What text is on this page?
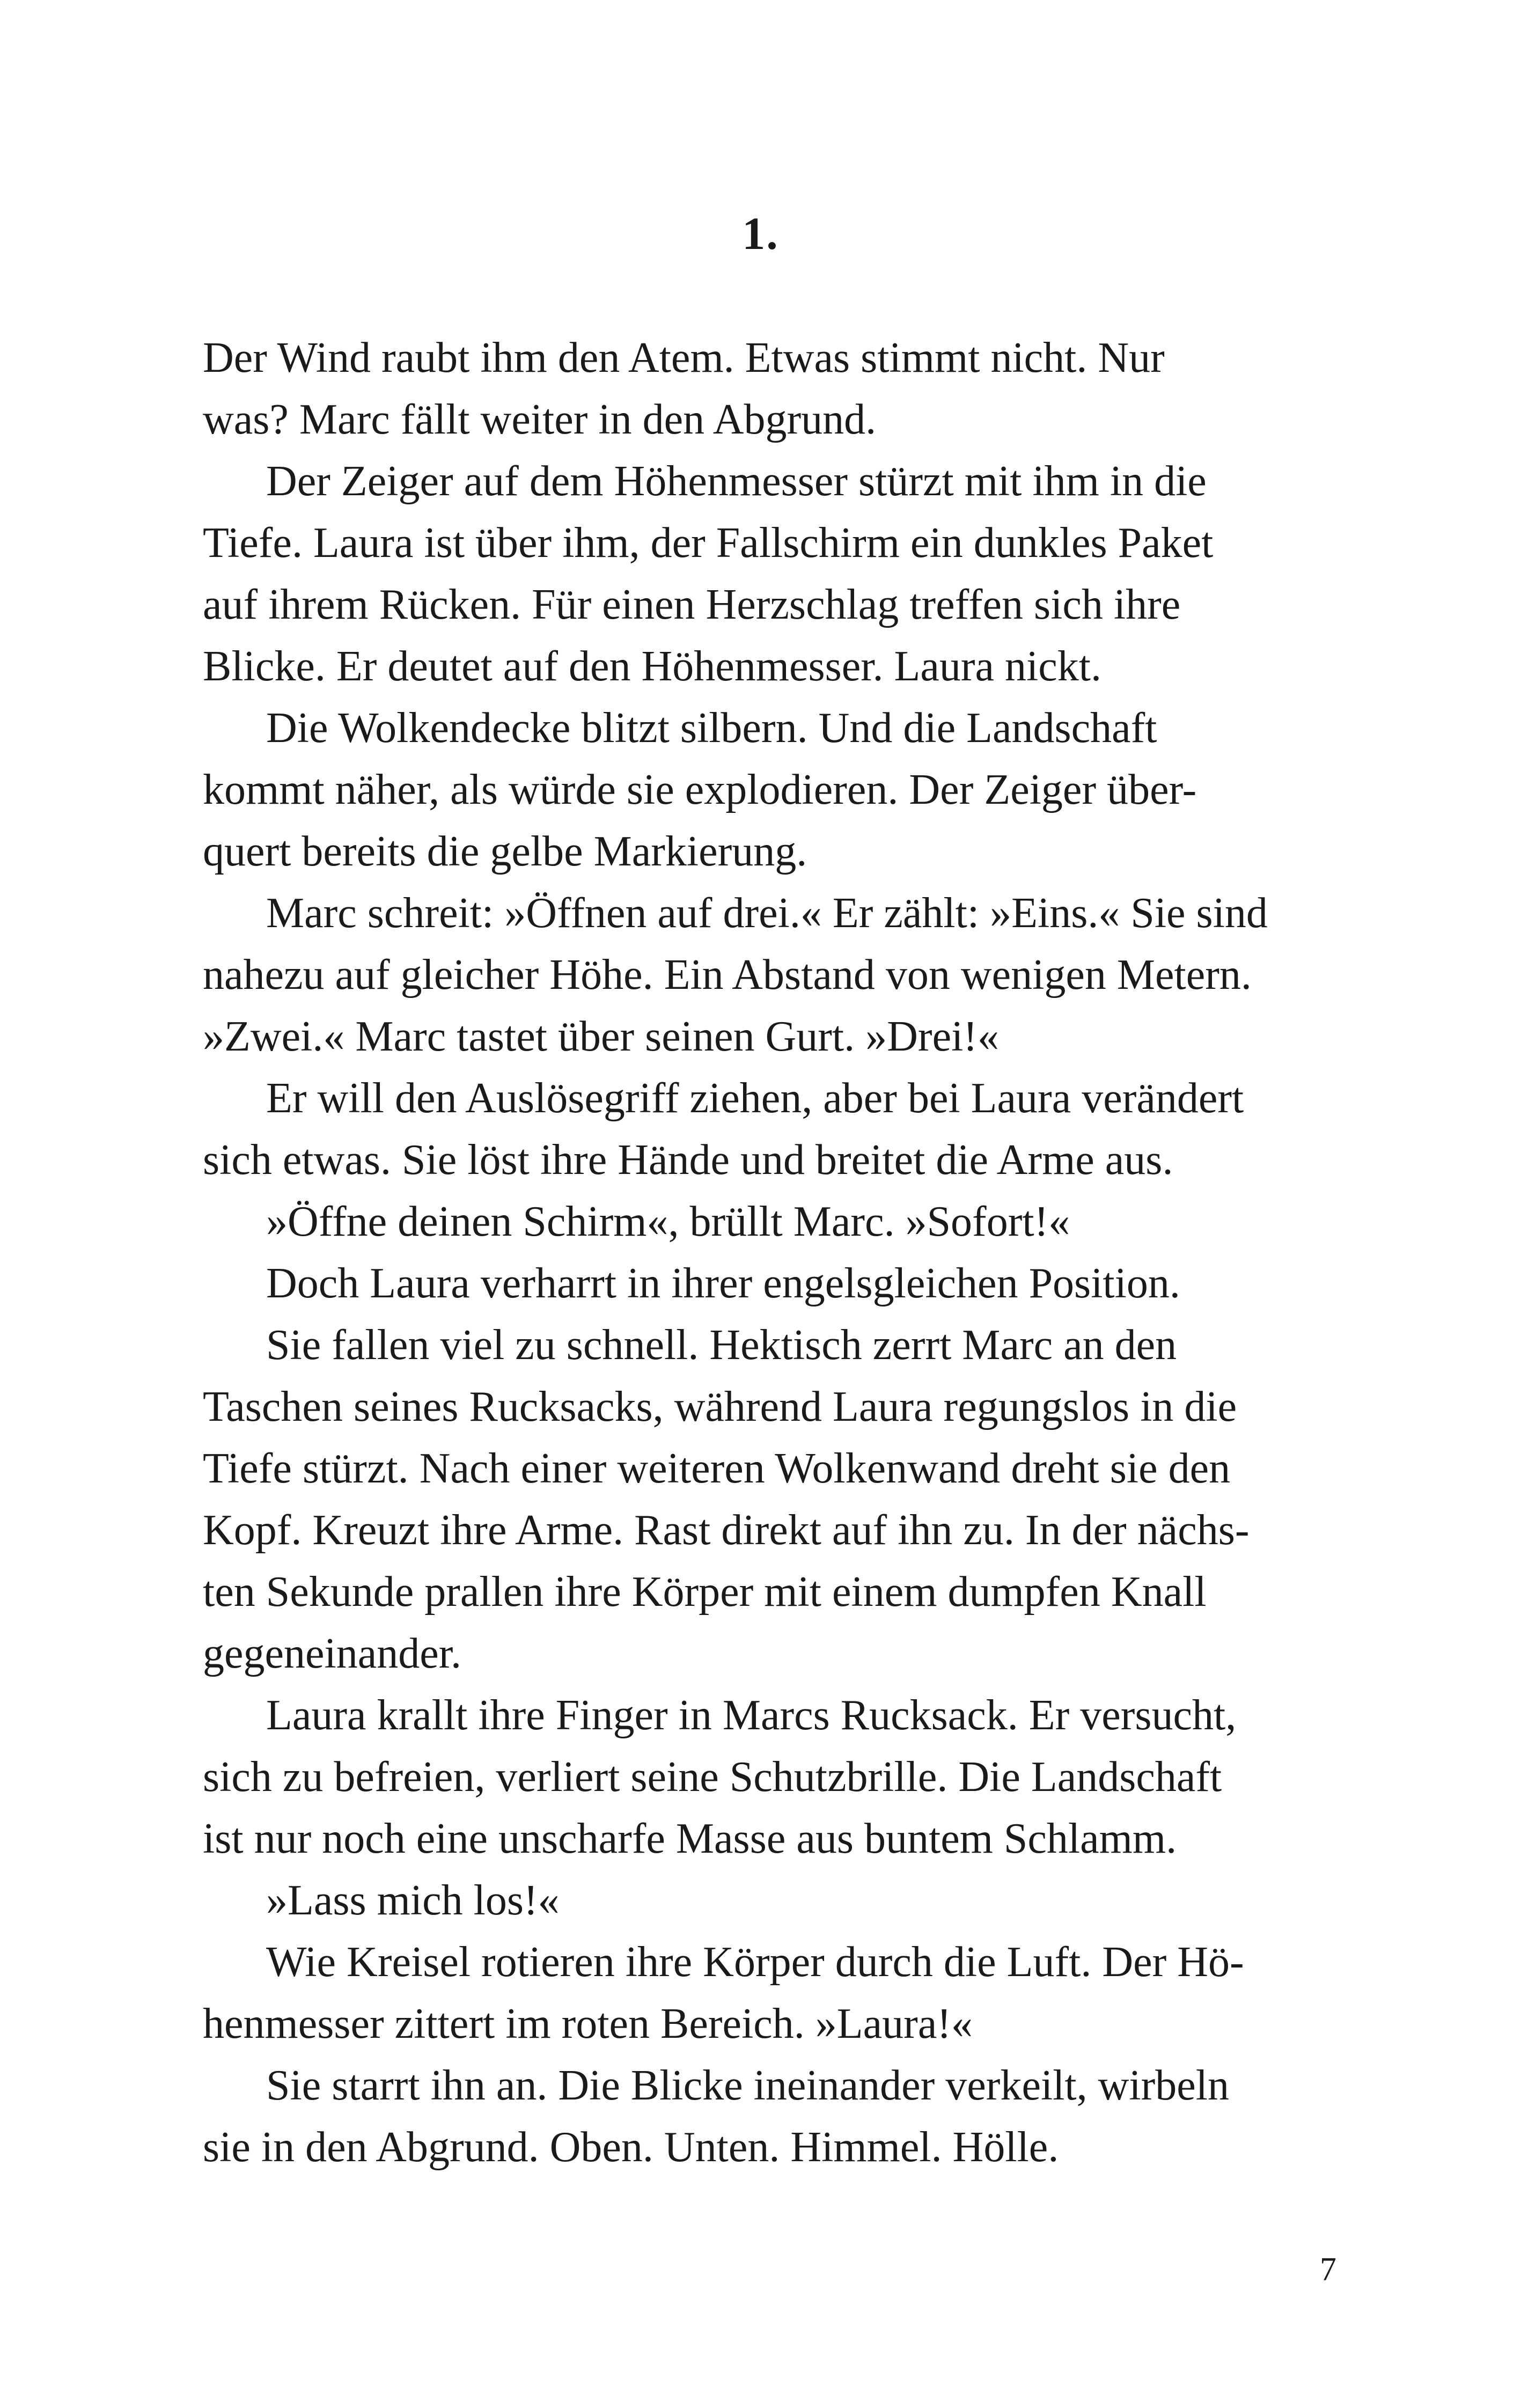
1.
Der Wind raubt ihm den Atem. Etwas stimmt nicht. Nur
was? Marc fällt weiter in den Abgrund.
Der Zeiger auf dem Höhenmesser stürzt mit ihm in die
Tiefe. Laura ist über ihm, der Fallschirm ein dunkles Paket
auf ihrem Rücken. Für einen Herzschlag treffen sich ihre
Blicke. Er deutet auf den Höhenmesser. Laura nickt.
Die Wolkendecke blitzt silbern. Und die Landschaft
kommt näher, als würde sie explodieren. Der Zeiger über-
quert bereits die gelbe Markierung.
Marc schreit: »Öffnen auf drei.« Er zählt: »Eins.« Sie sind
nahezu auf gleicher Höhe. Ein Abstand von wenigen Metern.
»Zwei.« Marc tastet über seinen Gurt. »Drei!«
Er will den Auslösegriff ziehen, aber bei Laura verändert
sich etwas. Sie löst ihre Hände und breitet die Arme aus.
»Öffne deinen Schirm«, brüllt Marc. »Sofort!«
Doch Laura verharrt in ihrer engelsgleichen Position.
Sie fallen viel zu schnell. Hektisch zerrt Marc an den
Taschen seines Rucksacks, während Laura regungslos in die
Tiefe stürzt. Nach einer weiteren Wolkenwand dreht sie den
Kopf. Kreuzt ihre Arme. Rast direkt auf ihn zu. In der nächs-
ten Sekunde prallen ihre Körper mit einem dumpfen Knall
gegeneinander.
Laura krallt ihre Finger in Marcs Rucksack. Er versucht,
sich zu befreien, verliert seine Schutzbrille. Die Landschaft
ist nur noch eine unscharfe Masse aus buntem Schlamm.
»Lass mich los!«
Wie Kreisel rotieren ihre Körper durch die Luft. Der Hö-
henmesser zittert im roten Bereich. »Laura!«
Sie starrt ihn an. Die Blicke ineinander verkeilt, wirbeln
sie in den Abgrund. Oben. Unten. Himmel. Hölle.
7
